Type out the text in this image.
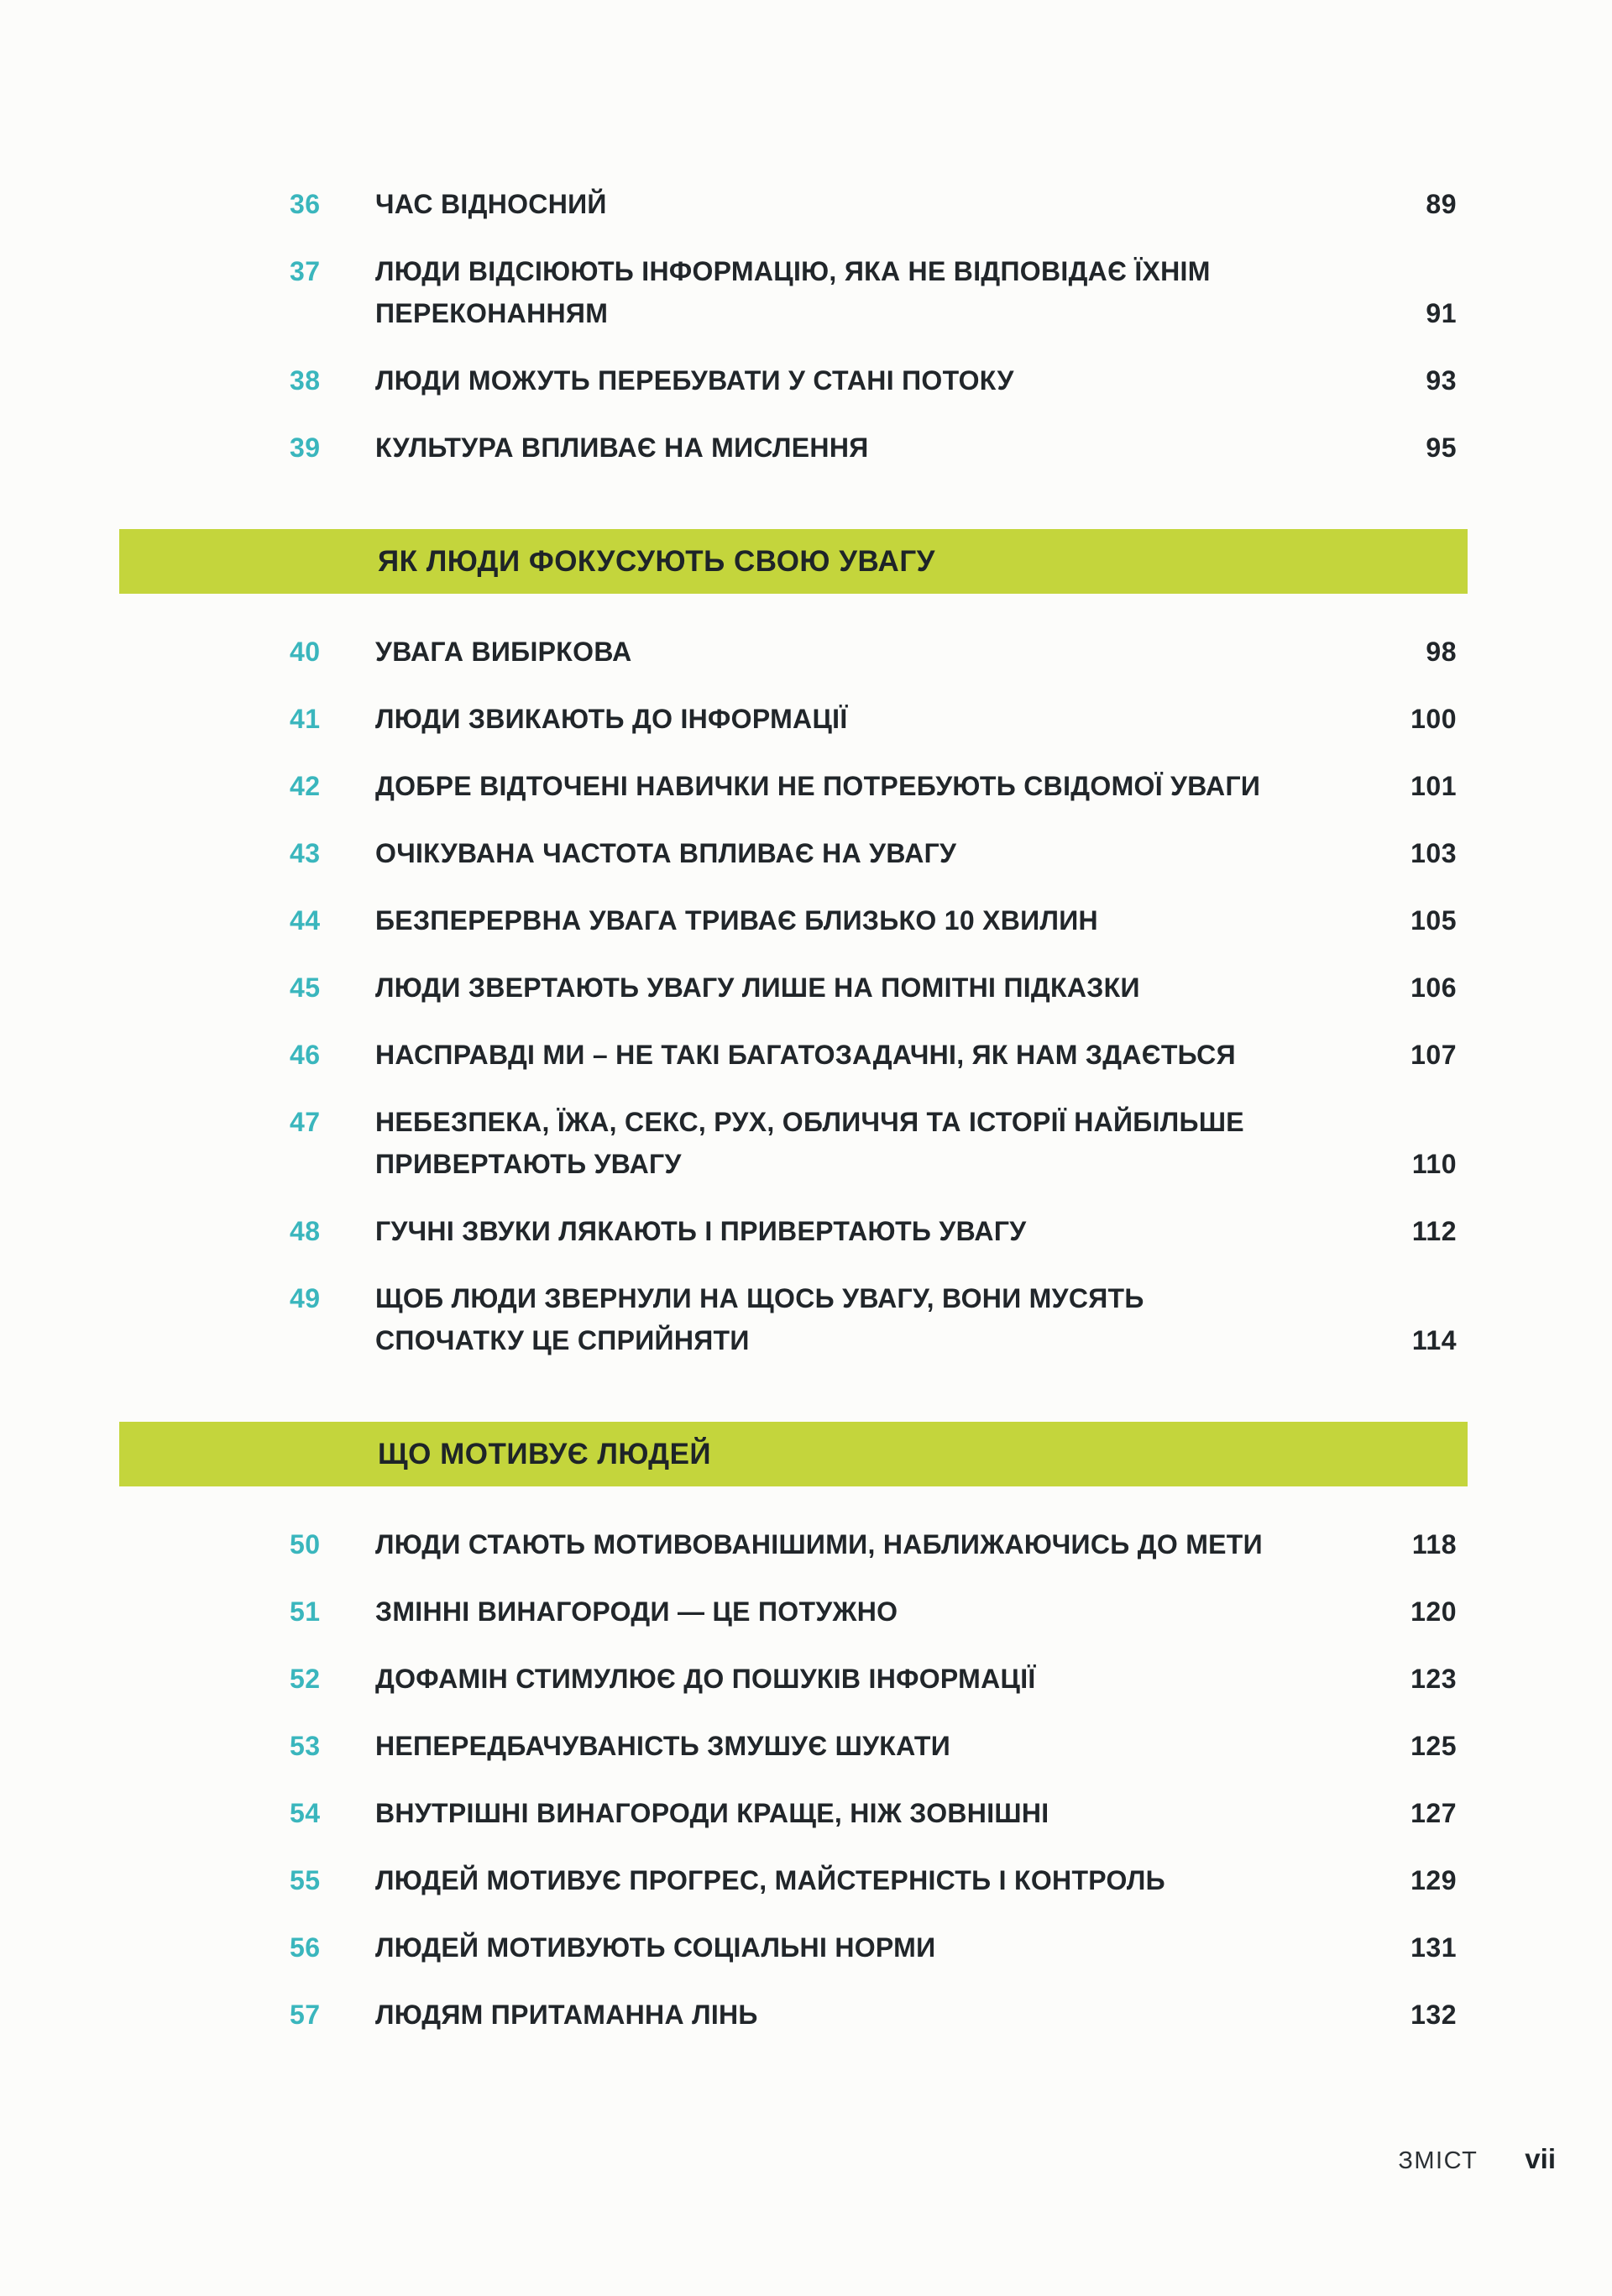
36	ЧАС ВІДНОСНИЙ	89
37	ЛЮДИ ВІДСІЮЮТЬ ІНФОРМАЦІЮ, ЯКА НЕ ВІДПОВІДАЄ ЇХНІМ
ПЕРЕКОНАННЯМ	91
38	ЛЮДИ МОЖУТЬ ПЕРЕБУВАТИ У СТАНІ ПОТОКУ	93
39	КУЛЬТУРА ВПЛИВАЄ НА МИСЛЕННЯ	95
ЯК ЛЮДИ ФОКУСУЮТЬ СВОЮ УВАГУ
40	УВАГА ВИБІРКОВА	98
41	ЛЮДИ ЗВИКАЮТЬ ДО ІНФОРМАЦІЇ	100
42	ДОБРЕ ВІДТОЧЕНІ НАВИЧКИ НЕ ПОТРЕБУЮТЬ СВІДОМОЇ УВАГИ	101
43	ОЧІКУВАНА ЧАСТОТА ВПЛИВАЄ НА УВАГУ	103
44	БЕЗПЕРЕРВНА УВАГА ТРИВАЄ БЛИЗЬКО 10 ХВИЛИН	105
45	ЛЮДИ ЗВЕРТАЮТЬ УВАГУ ЛИШЕ НА ПОМІТНІ ПІДКАЗКИ	106
46	НАСПРАВДІ МИ – НЕ ТАКІ БАГАТОЗАДАЧНІ, ЯК НАМ ЗДАЄТЬСЯ	107
47	НЕБЕЗПЕКА, ЇЖА, СЕКС, РУХ, ОБЛИЧЧЯ ТА ІСТОРІЇ НАЙБІЛЬШЕ
ПРИВЕРТАЮТЬ УВАГУ	110
48	ГУЧНІ ЗВУКИ ЛЯКАЮТЬ І ПРИВЕРТАЮТЬ УВАГУ	112
49	ЩОБ ЛЮДИ ЗВЕРНУЛИ НА ЩОСЬ УВАГУ, ВОНИ МУСЯТЬ
СПОЧАТКУ ЦЕ СПРИЙНЯТИ	114
ЩО МОТИВУЄ ЛЮДЕЙ
50	ЛЮДИ СТАЮТЬ МОТИВОВАНІШИМИ, НАБЛИЖАЮЧИСЬ ДО МЕТИ	118
51	ЗМІННІ ВИНАГОРОДИ — ЦЕ ПОТУЖНО	120
52	ДОФАМІН СТИМУЛЮЄ ДО ПОШУКІВ ІНФОРМАЦІЇ	123
53	НЕПЕРЕДБАЧУВАНІСТЬ ЗМУШУЄ ШУКАТИ	125
54	ВНУТРІШНІ ВИНАГОРОДИ КРАЩЕ, НІЖ ЗОВНІШНІ	127
55	ЛЮДЕЙ МОТИВУЄ ПРОГРЕС, МАЙСТЕРНІСТЬ І КОНТРОЛЬ	129
56	ЛЮДЕЙ МОТИВУЮТЬ СОЦІАЛЬНІ НОРМИ	131
57	ЛЮДЯМ ПРИТАМАННА ЛІНЬ	132
ЗМІСТ vii
